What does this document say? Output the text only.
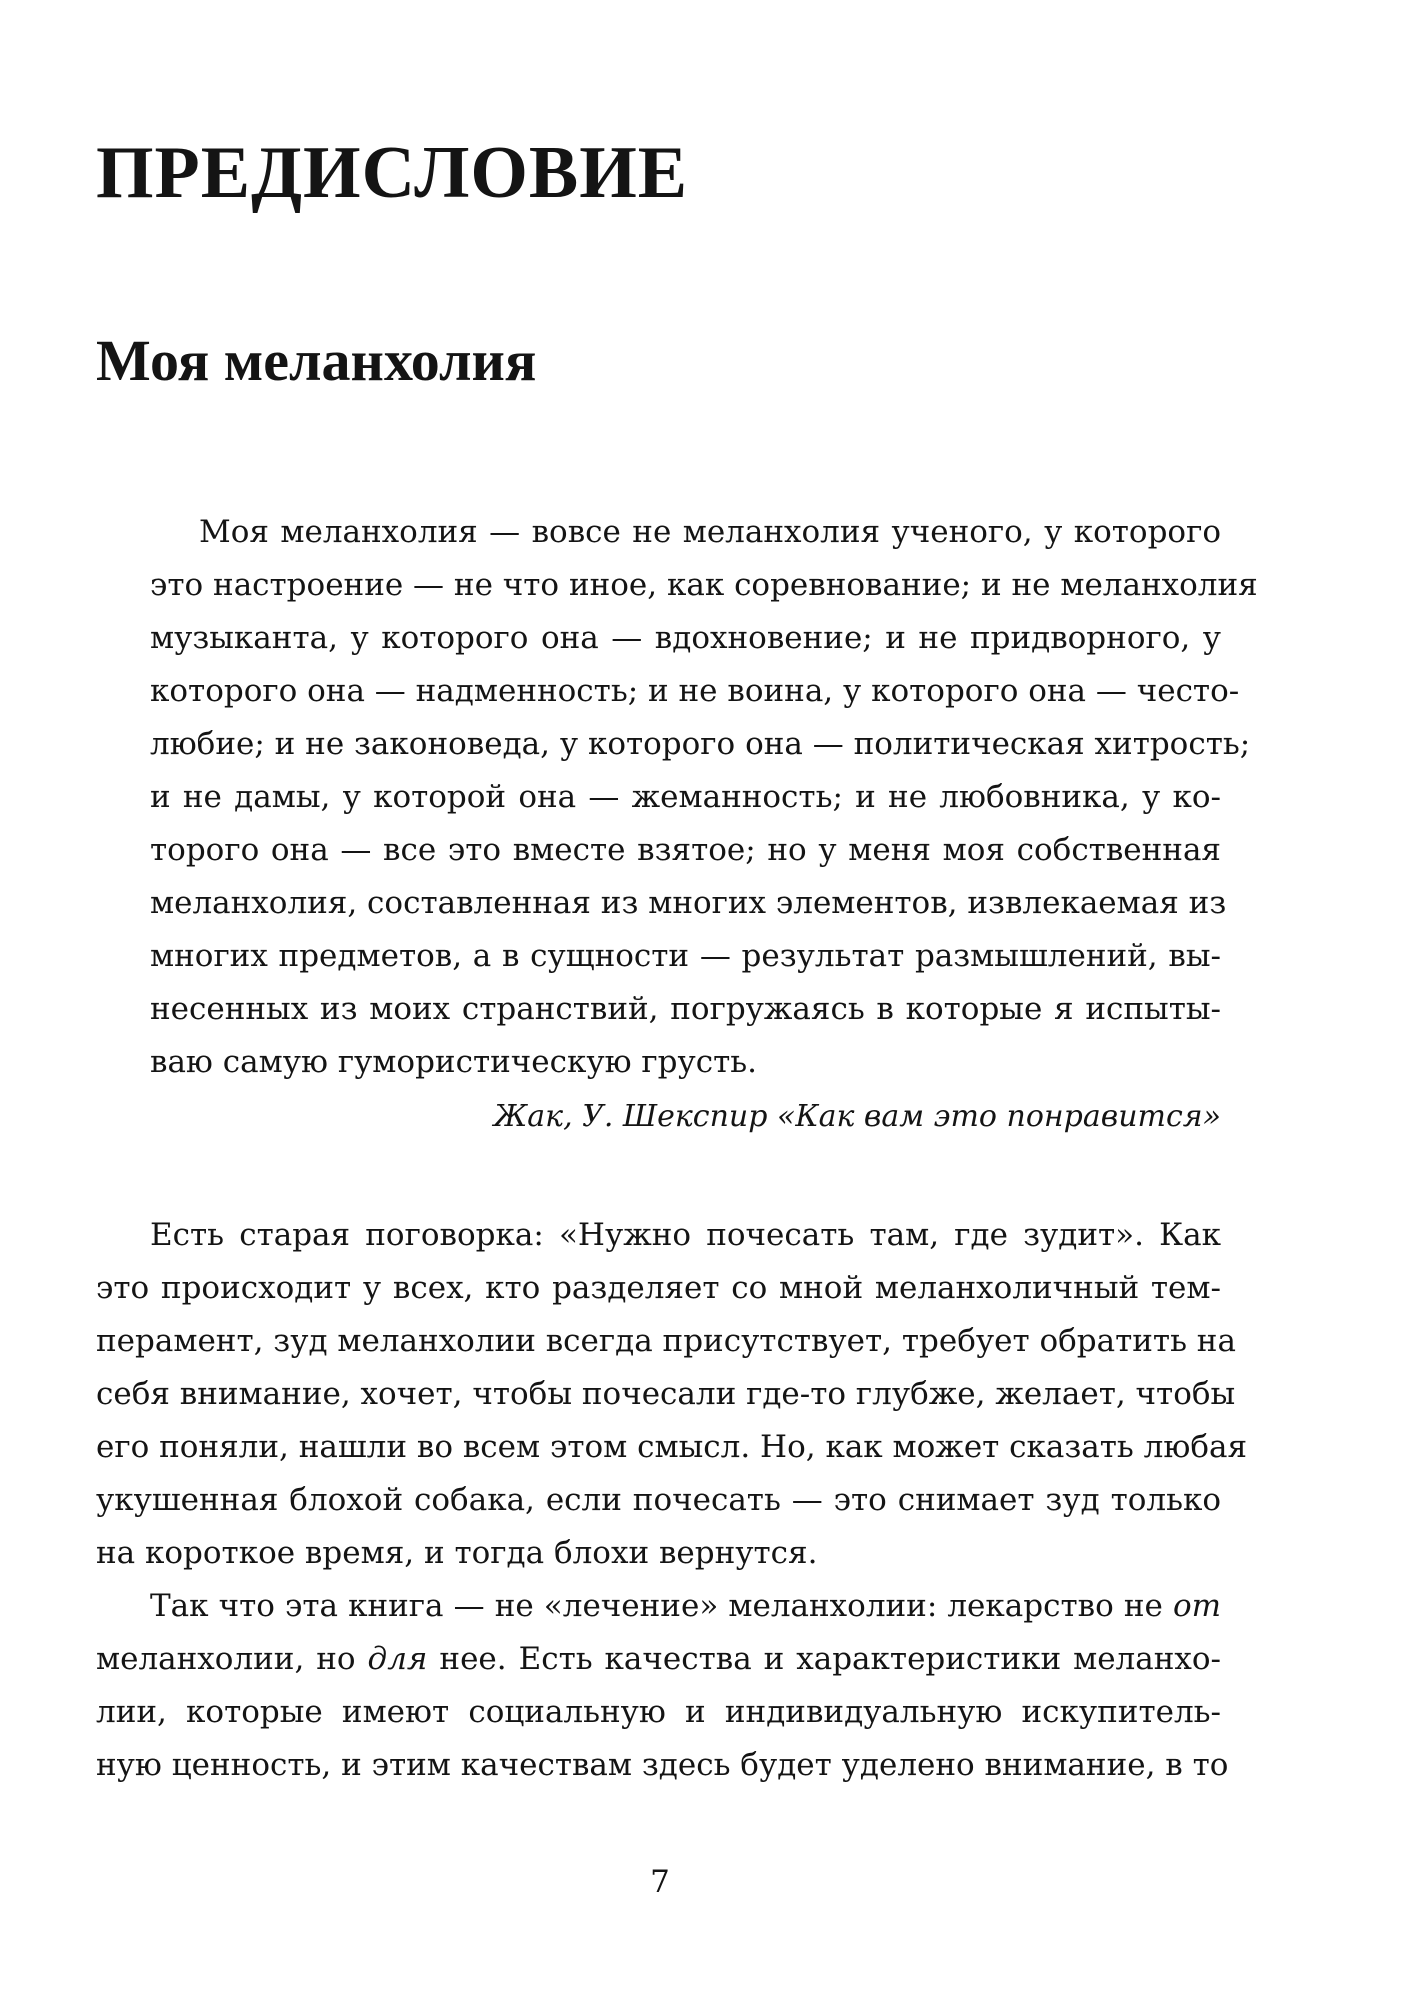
ПРЕДИСЛОВИЕ
Моя меланхолия
Моя меланхолия — вовсе не меланхолия ученого, у которого
это настроение — не что иное, как соревнование; и не меланхолия
музыканта, у которого она — вдохновение; и не придворного, у
которого она — надменность; и не воина, у которого она — често-
любие; и не законоведа, у которого она — политическая хитрость;
и не дамы, у которой она — жеманность; и не любовника, у ко-
торого она — все это вместе взятое; но у меня моя собственная
меланхолия, составленная из многих элементов, извлекаемая из
многих предметов, а в сущности — результат размышлений, вы-
несенных из моих странствий, погружаясь в которые я испыты-
ваю самую гумористическую грусть.
Жак, У. Шекспир «Как вам это понравится»
Есть старая поговорка: «Нужно почесать там, где зудит». Как
это происходит у всех, кто разделяет со мной меланхоличный тем-
перамент, зуд меланхолии всегда присутствует, требует обратить на
себя внимание, хочет, чтобы почесали где-то глубже, желает, чтобы
его поняли, нашли во всем этом смысл. Но, как может сказать любая
укушенная блохой собака, если почесать — это снимает зуд только
на короткое время, и тогда блохи вернутся.
Так что эта книга — не «лечение» меланхолии: лекарство не от
меланхолии, но для нее. Есть качества и характеристики меланхо-
лии, которые имеют социальную и индивидуальную искупитель-
ную ценность, и этим качествам здесь будет уделено внимание, в то
7
